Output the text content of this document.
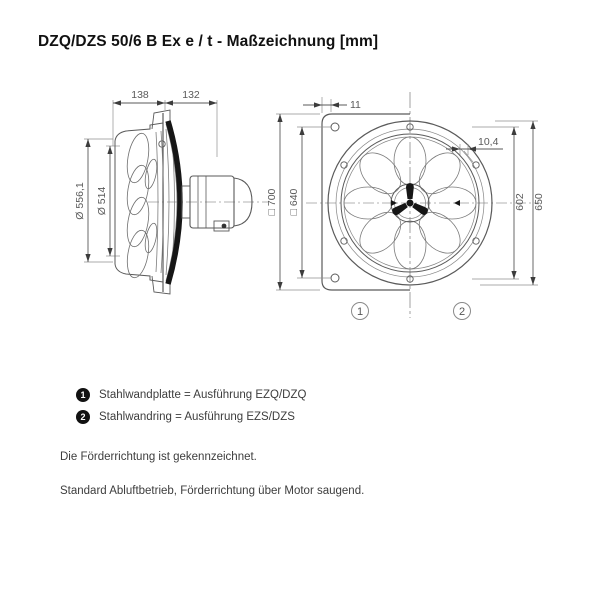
DZQ/DZS 50/6 B Ex e / t - Maßzeichnung [mm]
138	132
Ø 556,1 Ø 514
11
10,4
□ 700 □ 640	602 650
1	2
1 Stahlwandplatte = Ausführung EZQ/DZQ
2 Stahlwandring = Ausführung EZS/DZS
Die Förderrichtung ist gekennzeichnet.
Standard Abluftbetrieb, Förderrichtung über Motor saugend.
